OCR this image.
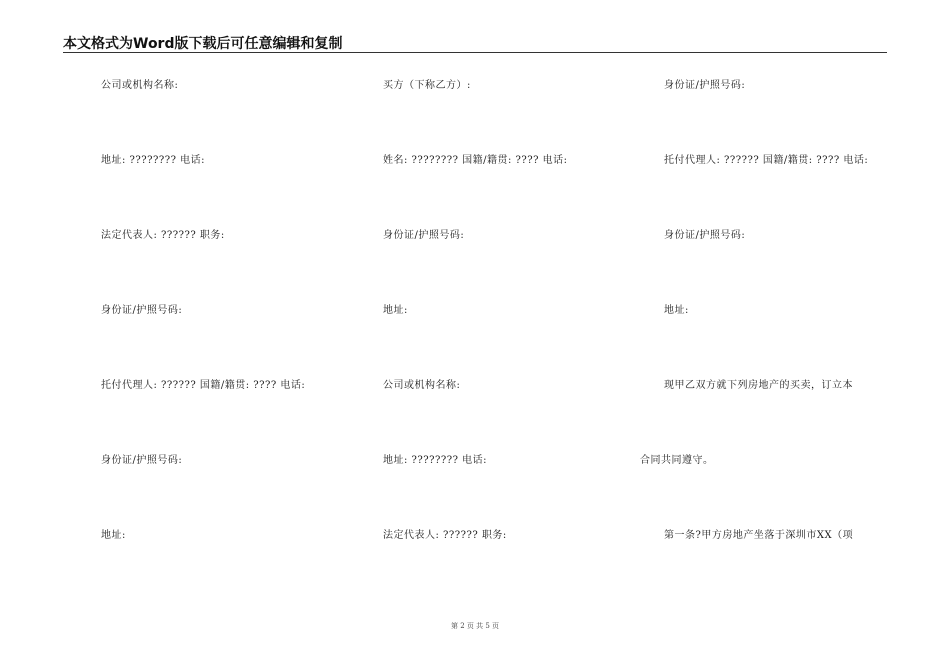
本文格式为Word版下载后可任意编辑和复制
公司或机构名称:
地址: ???????? 电话:
法定代表人: ?????? 职务:
身份证/护照号码:
托付代理人: ?????? 国籍/籍贯: ???? 电话:
身份证/护照号码:
地址:
买方（下称乙方）:
姓名: ???????? 国籍/籍贯: ???? 电话:
身份证/护照号码:
地址:
公司或机构名称:
地址: ???????? 电话:
法定代表人: ?????? 职务:
身份证/护照号码:
托付代理人: ?????? 国籍/籍贯: ???? 电话:
身份证/护照号码:
地址:
现甲乙双方就下列房地产的买卖，订立本
合同共同遵守。
第一条?甲方房地产坐落于深圳市XX（项
第 2 页 共 5 页
